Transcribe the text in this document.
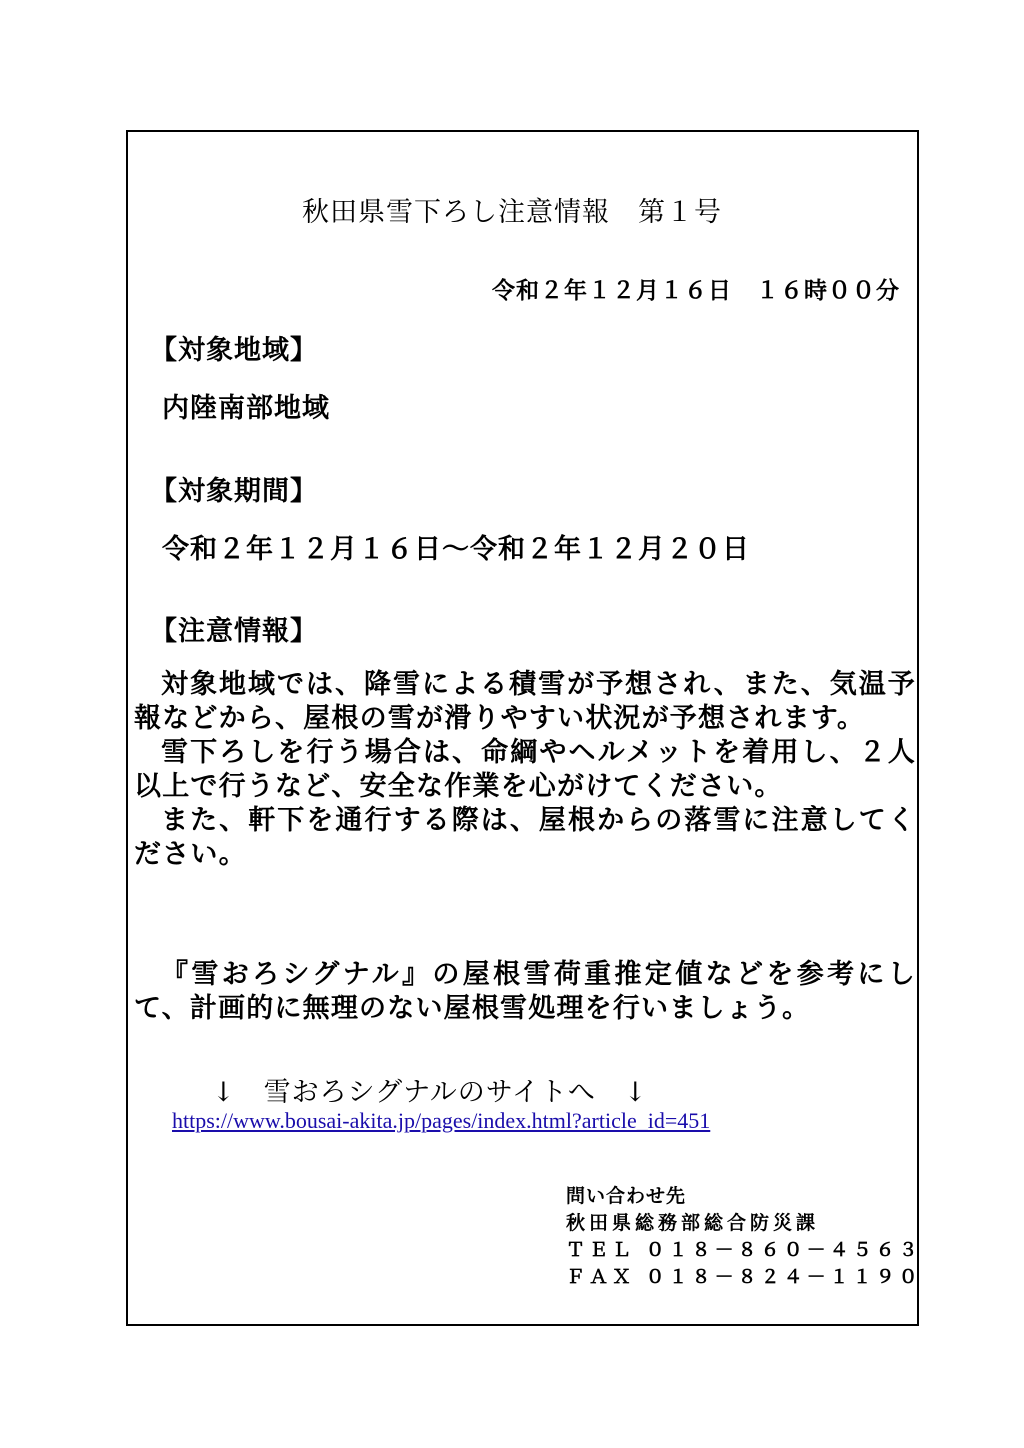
秋田県雪下ろし注意情報　第１号
令和２年１２月１６日　１６時００分
【対象地域】
内陸南部地域
【対象期間】
令和２年１２月１６日～令和２年１２月２０日
【注意情報】

対象地域では、降雪による積雪が予想され、また、気温予報などから、屋根の雪が滑りやすい状況が予想されます。

雪下ろしを行う場合は、命綱やヘルメットを着用し、２人以上で行うなど、安全な作業を心がけてください。

また、軒下を通行する際は、屋根からの落雪に注意してください。

『雪おろシグナル』の屋根雪荷重推定値などを参考にして、計画的に無理のない屋根雪処理を行いましょう。

↓　雪おろシグナルのサイトへ　↓
https://www.bousai-akita.jp/pages/index.html?article_id=451
問い合わせ先
秋田県総務部総合防災課
ＴＥＬ ０１８－８６０－４５６３
ＦＡＸ ０１８－８２４－１１９０
